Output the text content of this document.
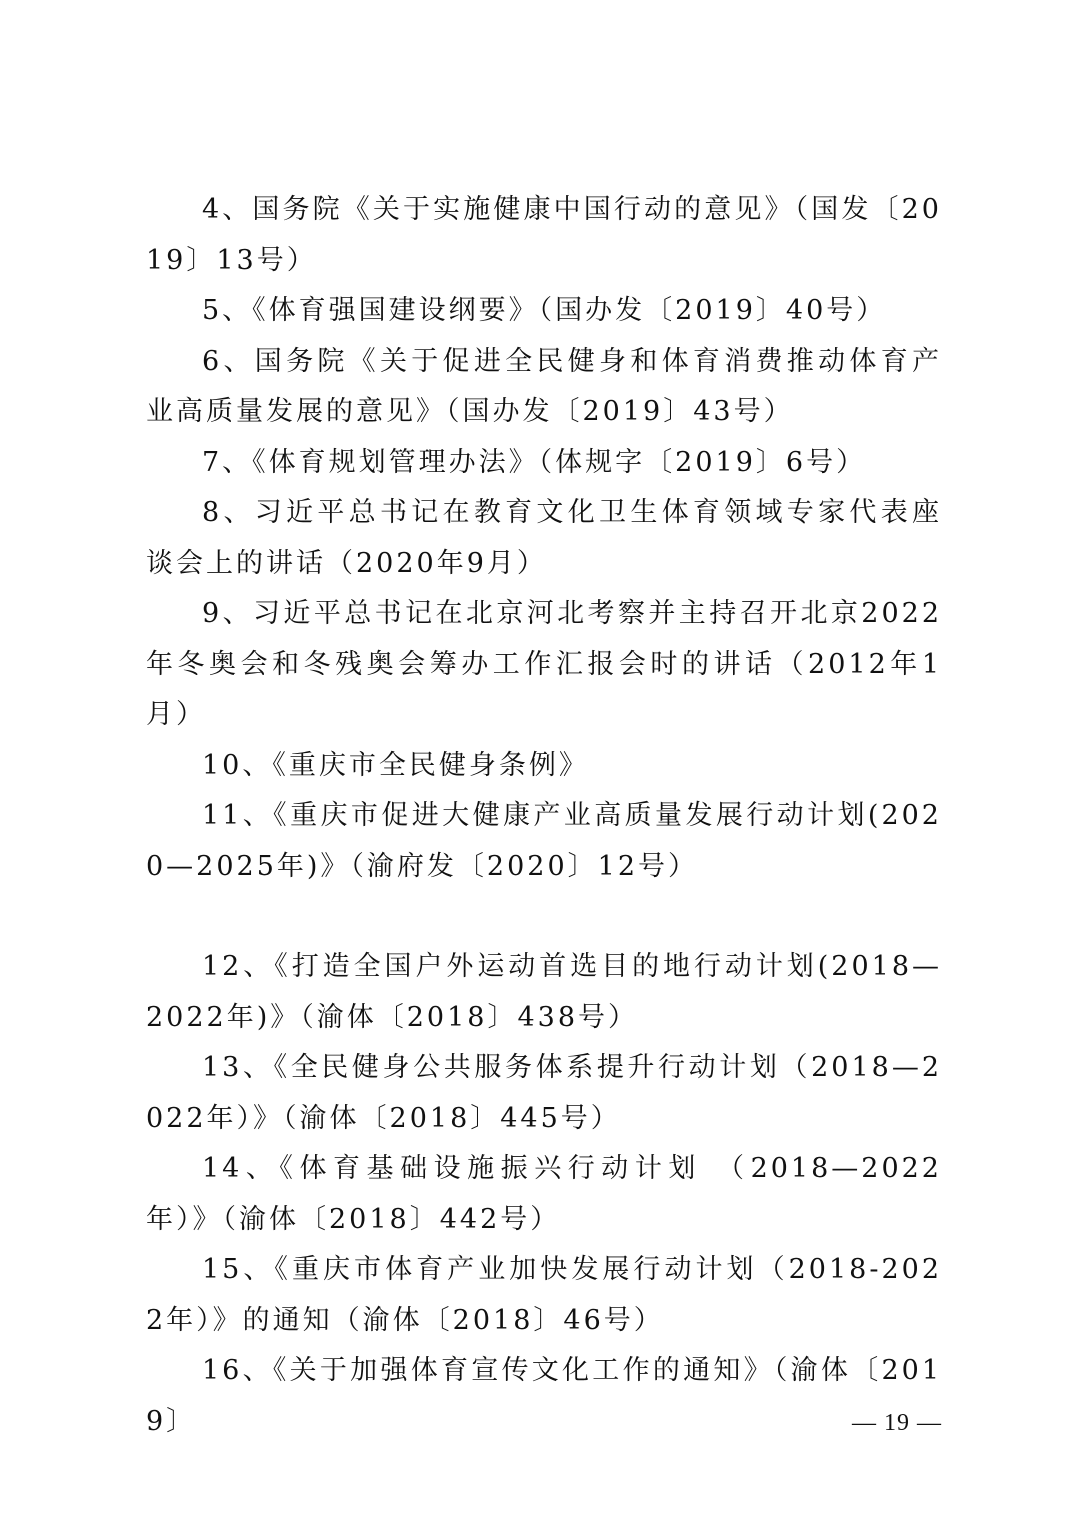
4、国务院《关于实施健康中国行动的意见》（国发〔2019〕13号）

5、《体育强国建设纲要》（国办发〔2019〕40号）

6、国务院《关于促进全民健身和体育消费推动体育产业高质量发展的意见》（国办发〔2019〕43号）

7、《体育规划管理办法》（体规字〔2019〕6号）

8、习近平总书记在教育文化卫生体育领域专家代表座谈会上的讲话（2020年9月）

9、习近平总书记在北京河北考察并主持召开北京2022年冬奥会和冬残奥会筹办工作汇报会时的讲话（2012年1月）

10、《重庆市全民健身条例》

11、《重庆市促进大健康产业高质量发展行动计划(2020—2025年)》（渝府发〔2020〕12号）

12、《打造全国户外运动首选目的地行动计划(2018—2022年)》（渝体〔2018〕438号）

13、《全民健身公共服务体系提升行动计划（2018—2022年）》（渝体〔2018〕445号）

14、《体育基础设施振兴行动计划 （2018—2022年）》（渝体〔2018〕442号）

15、《重庆市体育产业加快发展行动计划（2018-2022年）》的通知（渝体〔2018〕46号）

16、《关于加强体育宣传文化工作的通知》（渝体〔2019〕	— 19 —
